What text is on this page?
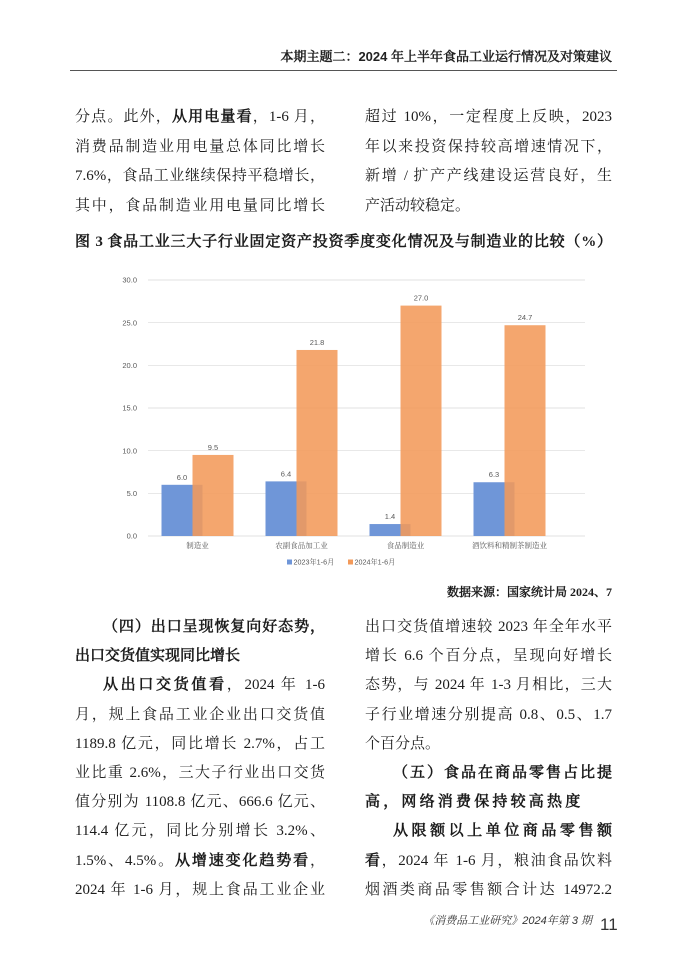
本期主题二：2024 年上半年食品工业运行情况及对策建议
分点。此外，从用电量看，1-6 月，
消费品制造业用电量总体同比增长
7.6%，食品工业继续保持平稳增长，
其中，食品制造业用电量同比增长
超过 10%，一定程度上反映，2023
年以来投资保持较高增速情况下，
新增 / 扩产产线建设运营良好，生
产活动较稳定。
图 3 食品工业三大子行业固定资产投资季度变化情况及与制造业的比较（%）
0.0
5.0
10.0
15.0
20.0
25.0
30.0
6.0
9.5
制造业
6.4
21.8
农副食品加工业
1.4
27.0
食品制造业
6.3
24.7
酒饮料和精制茶制造业
2023年1-6月	2024年1-6月
数据来源：国家统计局 2024、7
（四）出口呈现恢复向好态势，
出口交货值实现同比增长
从出口交货值看，2024 年 1-6
月，规上食品工业企业出口交货值
1189.8 亿元，同比增长 2.7%，占工
业比重 2.6%，三大子行业出口交货
值分别为 1108.8 亿元、666.6 亿元、
114.4 亿元，同比分别增长 3.2%、
1.5%、4.5%。从增速变化趋势看，
2024 年 1-6 月，规上食品工业企业
出口交货值增速较 2023 年全年水平
增长 6.6 个百分点，呈现向好增长
态势，与 2024 年 1-3 月相比，三大
子行业增速分别提高 0.8、0.5、1.7
个百分点。
（五）食品在商品零售占比提
高，网络消费保持较高热度
从限额以上单位商品零售额
看，2024 年 1-6 月，粮油食品饮料
烟酒类商品零售额合计达 14972.2
《消费品工业研究》2024年第 3 期 11
